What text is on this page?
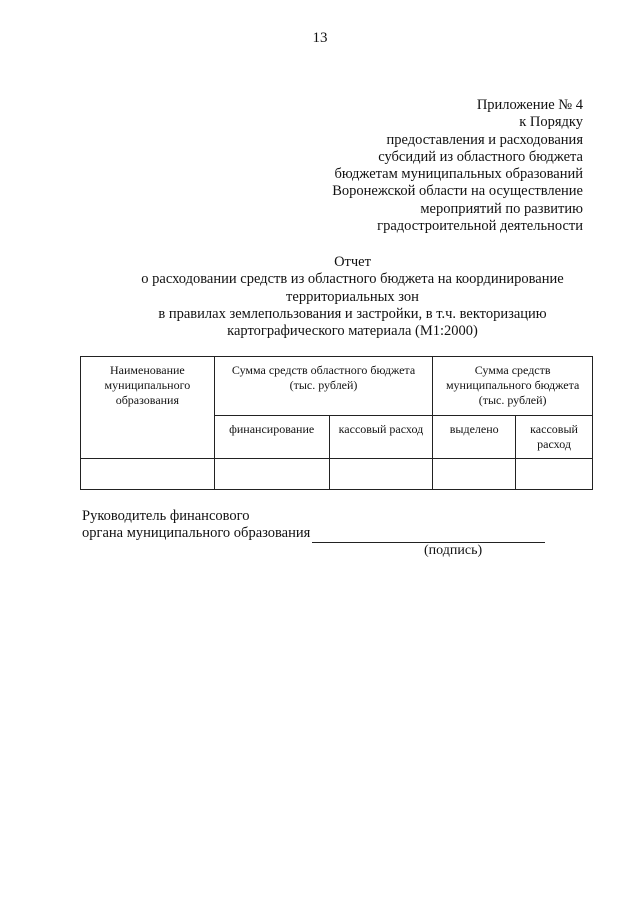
13
Приложение № 4
к Порядку
предоставления и расходования
субсидий из областного бюджета
бюджетам муниципальных образований
Воронежской области на осуществление
мероприятий по развитию
градостроительной деятельности
Отчет
о расходовании средств из областного бюджета на координирование
территориальных зон
в правилах землепользования и застройки, в т.ч. векторизацию
картографического материала (М1:2000)
Наименование муниципального образования	Сумма средств областного бюджета (тыс. рублей)		Сумма средств муниципального бюджета (тыс. рублей)	
	финансирование	кассовый расход	выделено	кассовый расход

Руководитель финансового
органа муниципального образования
(подпись)
